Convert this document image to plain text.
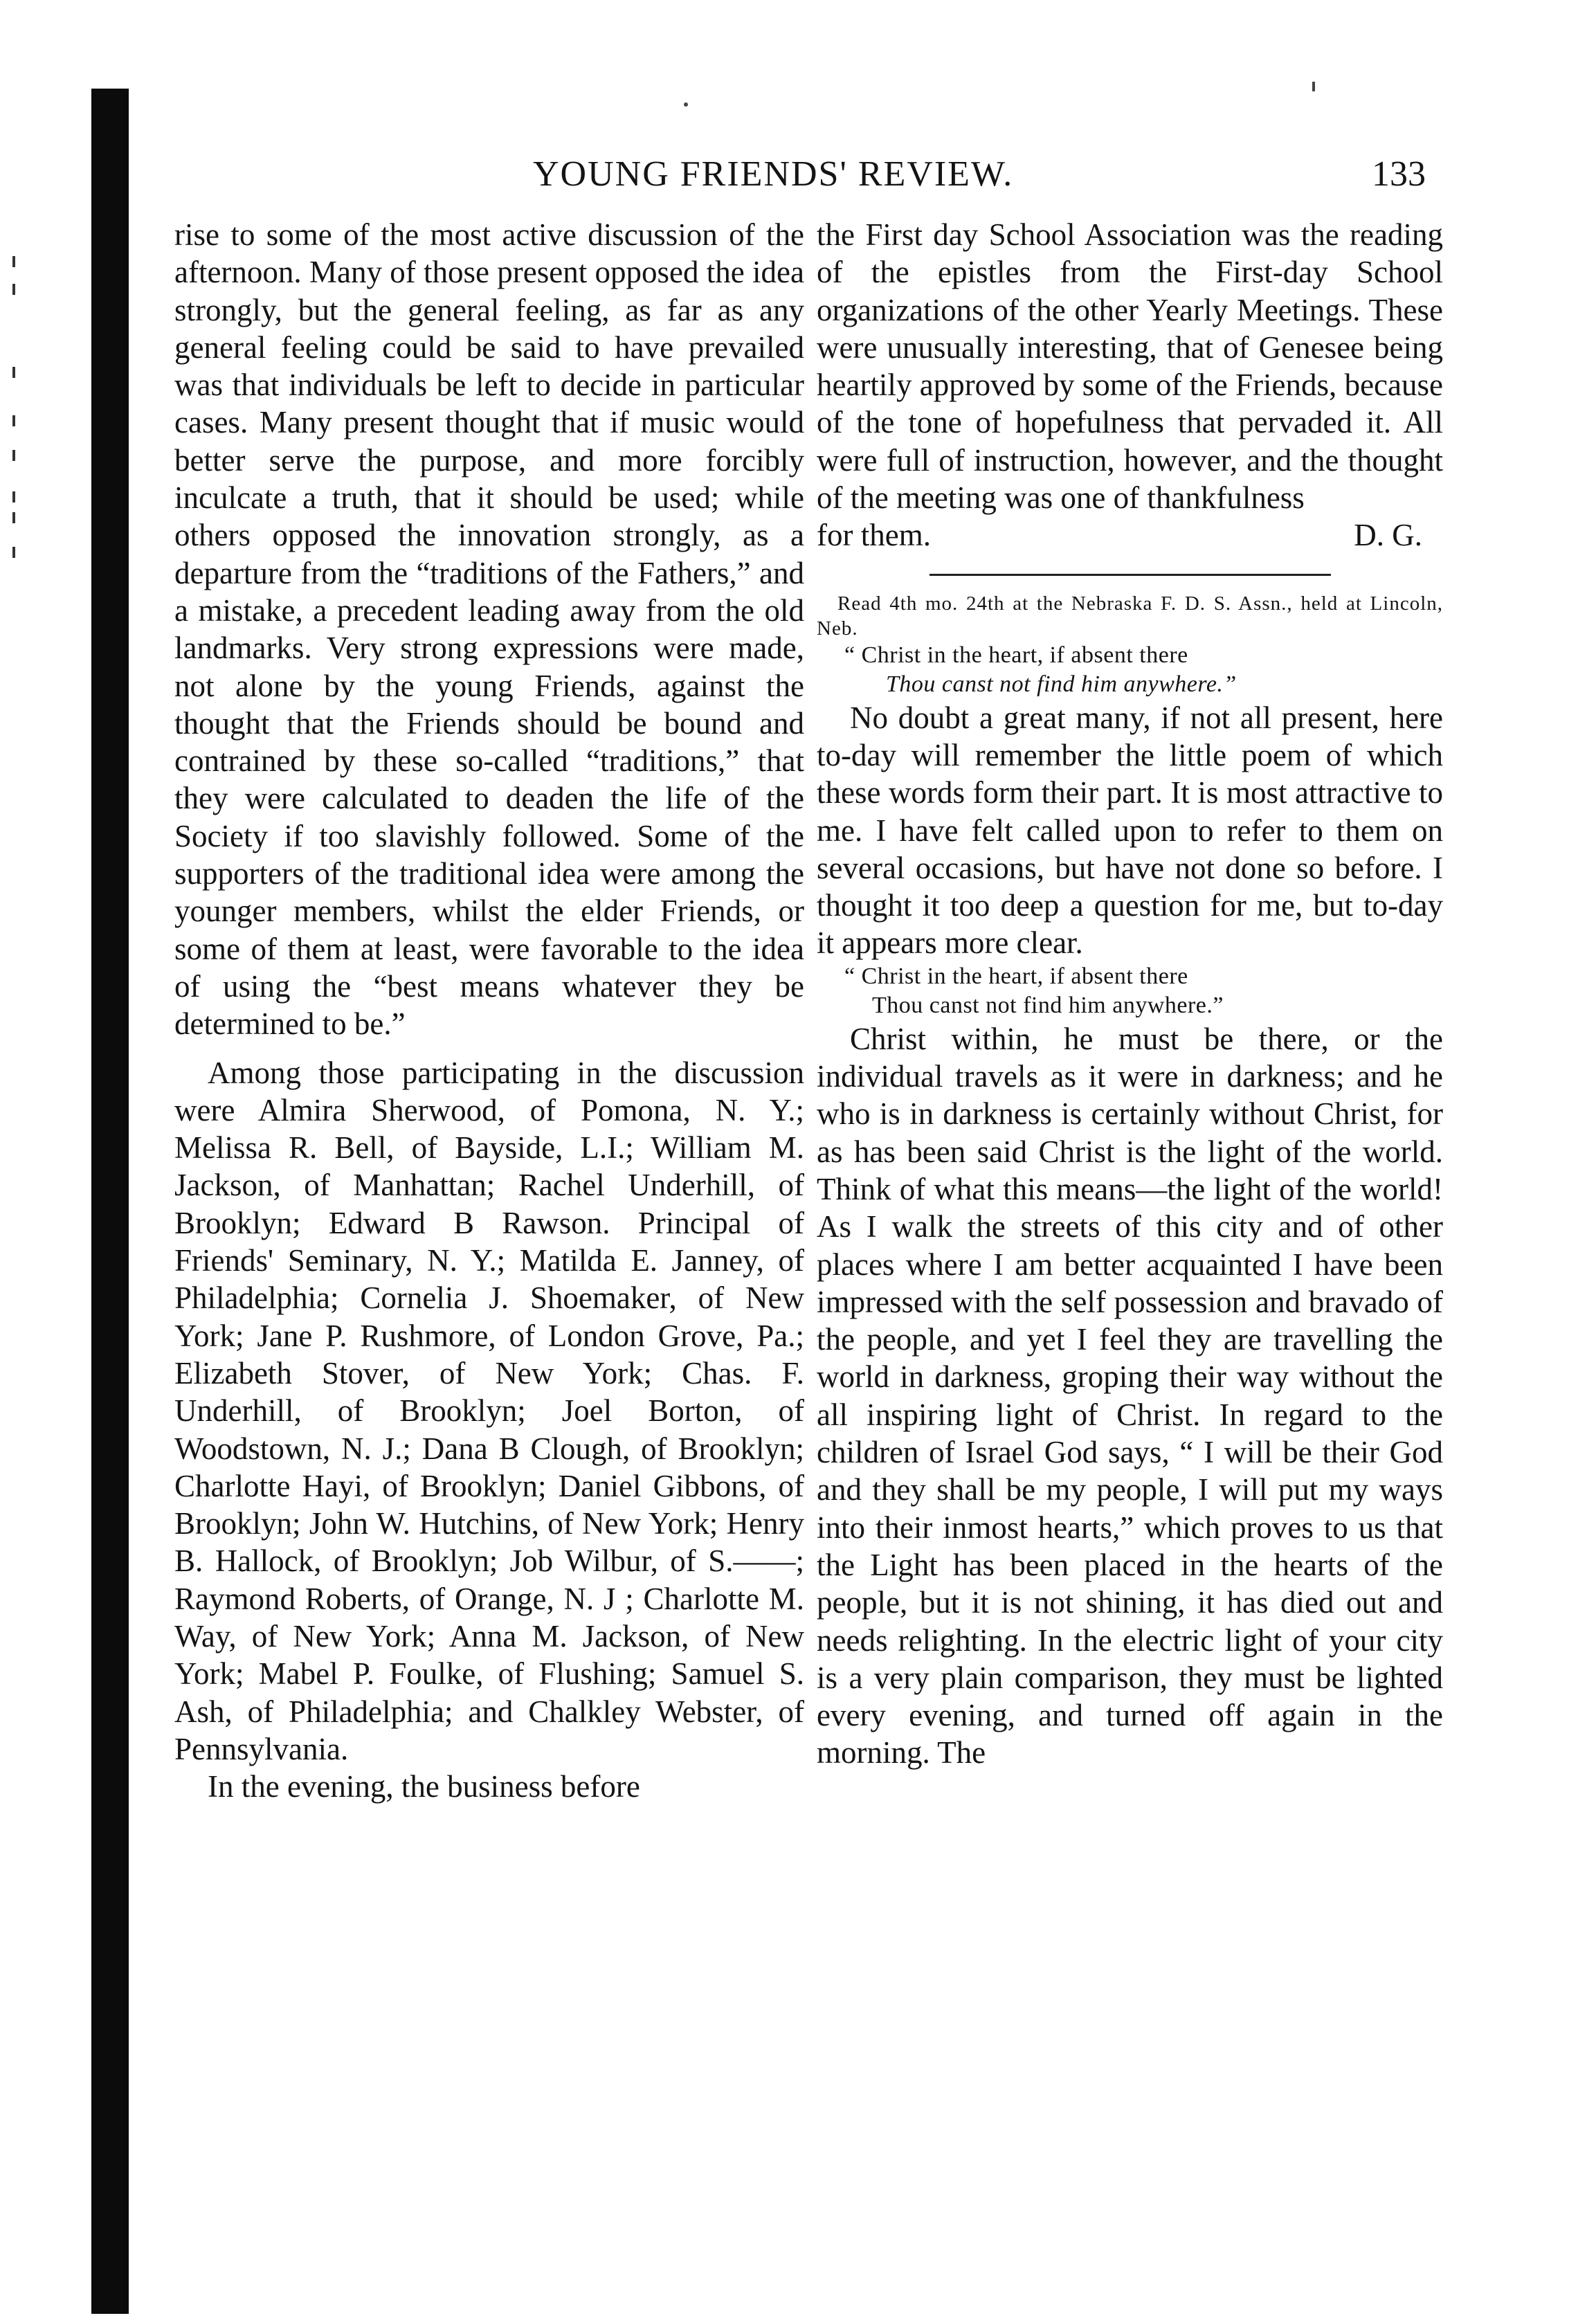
YOUNG FRIENDS' REVIEW.	133

rise to some of the most active discussion of the afternoon. Many of those present opposed the idea strongly, but the general feeling, as far as any general feeling could be said to have prevailed was that individuals be left to decide in particular cases. Many present thought that if music would better serve the purpose, and more forcibly inculcate a truth, that it should be used; while others opposed the innovation strongly, as a departure from the “traditions of the Fathers,” and a mistake, a precedent leading away from the old landmarks. Very strong expressions were made, not alone by the young Friends, against the thought that the Friends should be bound and contrained by these so-called “traditions,” that they were calculated to deaden the life of the Society if too slavishly followed. Some of the supporters of the traditional idea were among the younger members, whilst the elder Friends, or some of them at least, were favorable to the idea of using the “best means whatever they be determined to be.”

Among those participating in the discussion were Almira Sherwood, of Pomona, N. Y.; Melissa R. Bell, of Bayside, L.I.; William M. Jackson, of Manhattan; Rachel Underhill, of Brooklyn; Edward B Rawson. Principal of Friends' Seminary, N. Y.; Matilda E. Janney, of Philadelphia; Cornelia J. Shoemaker, of New York; Jane P. Rushmore, of London Grove, Pa.; Elizabeth Stover, of New York; Chas. F. Underhill, of Brooklyn; Joel Borton, of Woodstown, N. J.; Dana B Clough, of Brooklyn; Charlotte Hayi, of Brooklyn; Daniel Gibbons, of Brooklyn; John W. Hutchins, of New York; Henry B. Hallock, of Brooklyn; Job Wilbur, of S.——; Raymond Roberts, of Orange, N. J ; Charlotte M. Way, of New York; Anna M. Jackson, of New York; Mabel P. Foulke, of Flushing; Samuel S. Ash, of Philadelphia; and Chalkley Webster, of Pennsylvania.

In the evening, the business before

the First day School Association was the reading of the epistles from the First-day School organizations of the other Yearly Meetings. These were unusually interesting, that of Genesee being heartily approved by some of the Friends, because of the tone of hopefulness that pervaded it. All were full of instruction, however, and the thought of the meeting was one of thankfulness

for them.	D. G.

Read 4th mo. 24th at the Nebraska F. D. S. Assn., held at Lincoln, Neb.

“ Christ in the heart, if absent there
Thou canst not find him anywhere.”

No doubt a great many, if not all present, here to-day will remember the little poem of which these words form their part. It is most attractive to me. I have felt called upon to refer to them on several occasions, but have not done so before. I thought it too deep a question for me, but to-day it appears more clear.

“ Christ in the heart, if absent there
Thou canst not find him anywhere.”

Christ within, he must be there, or the individual travels as it were in darkness; and he who is in darkness is certainly without Christ, for as has been said Christ is the light of the world. Think of what this means—the light of the world! As I walk the streets of this city and of other places where I am better acquainted I have been impressed with the self possession and bravado of the people, and yet I feel they are travelling the world in darkness, groping their way without the all inspiring light of Christ. In regard to the children of Israel God says, “ I will be their God and they shall be my people, I will put my ways into their inmost hearts,” which proves to us that the Light has been placed in the hearts of the people, but it is not shining, it has died out and needs relighting. In the electric light of your city is a very plain comparison, they must be lighted every evening, and turned off again in the morning. The
